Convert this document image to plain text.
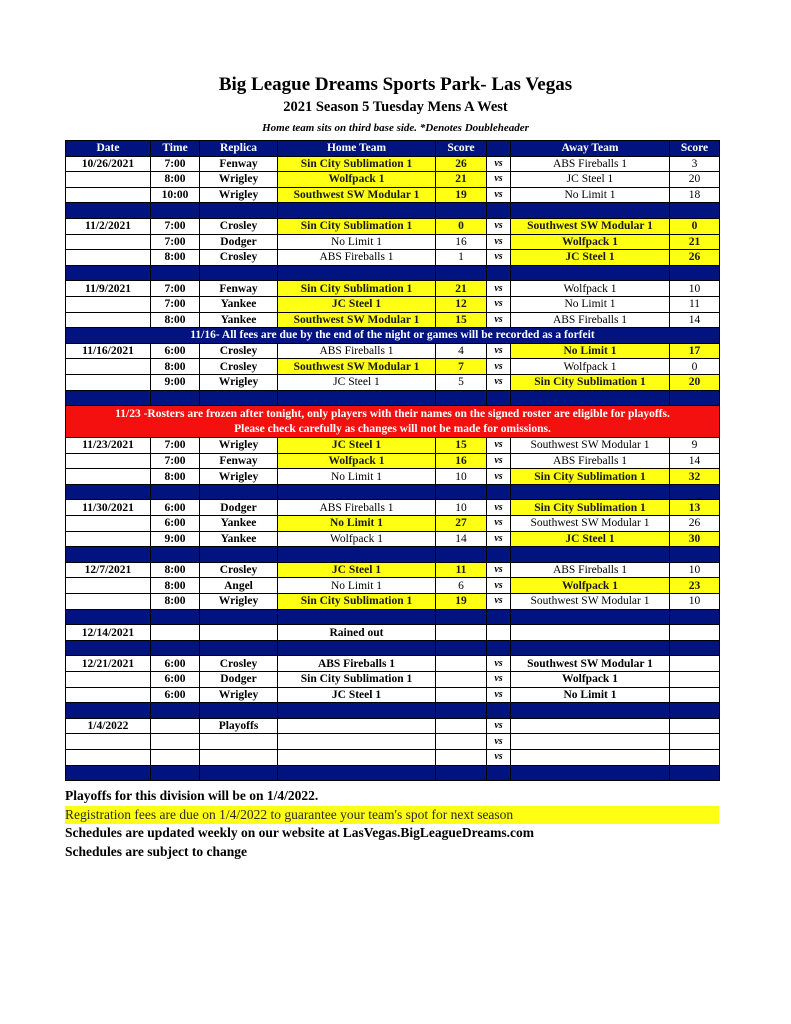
Big League Dreams Sports Park- Las Vegas
2021 Season 5 Tuesday Mens A West
Home team sits on third base side. *Denotes Doubleheader
Date	Time	Replica	Home Team	Score		Away Team	Score
10/26/2021	7:00	Fenway	Sin City Sublimation 1	26	vs	ABS Fireballs 1	3
	8:00	Wrigley	Wolfpack 1	21	vs	JC Steel 1	20
	10:00	Wrigley	Southwest SW Modular 1	19	vs	No Limit 1	18

11/2/2021	7:00	Crosley	Sin City Sublimation 1	0	vs	Southwest SW Modular 1	0
	7:00	Dodger	No Limit 1	16	vs	Wolfpack 1	21
	8:00	Crosley	ABS Fireballs 1	1	vs	JC Steel 1	26

11/9/2021	7:00	Fenway	Sin City Sublimation 1	21	vs	Wolfpack 1	10
	7:00	Yankee	JC Steel 1	12	vs	No Limit 1	11
	8:00	Yankee	Southwest SW Modular 1	15	vs	ABS Fireballs 1	14

11/16- All fees are due by the end of the night or games will be recorded as a forfeit							

11/16/2021	6:00	Crosley	ABS Fireballs 1	4	vs	No Limit 1	17
	8:00	Crosley	Southwest SW Modular 1	7	vs	Wolfpack 1	0
	9:00	Wrigley	JC Steel 1	5	vs	Sin City Sublimation 1	20

11/23 -Rosters are frozen after tonight, only players with their names on the signed roster are eligible for playoffs.
Please check carefully as changes will not be made for omissions.							

11/23/2021	7:00	Wrigley	JC Steel 1	15	vs	Southwest SW Modular 1	9
	7:00	Fenway	Wolfpack 1	16	vs	ABS Fireballs 1	14
	8:00	Wrigley	No Limit 1	10	vs	Sin City Sublimation 1	32

11/30/2021	6:00	Dodger	ABS Fireballs 1	10	vs	Sin City Sublimation 1	13
	6:00	Yankee	No Limit 1	27	vs	Southwest SW Modular 1	26
	9:00	Yankee	Wolfpack 1	14	vs	JC Steel 1	30

12/7/2021	8:00	Crosley	JC Steel 1	11	vs	ABS Fireballs 1	10
	8:00	Angel	No Limit 1	6	vs	Wolfpack 1	23
	8:00	Wrigley	Sin City Sublimation 1	19	vs	Southwest SW Modular 1	10

12/14/2021			Rained out				

12/21/2021	6:00	Crosley	ABS Fireballs 1		vs	Southwest SW Modular 1	
	6:00	Dodger	Sin City Sublimation 1		vs	Wolfpack 1	
	6:00	Wrigley	JC Steel 1		vs	No Limit 1	

1/4/2022		Playoffs			vs		
					vs		
					vs		

Playoffs for this division will be on 1/4/2022.
Registration fees are due on 1/4/2022 to guarantee your team's spot for next season
Schedules are updated weekly on our website at LasVegas.BigLeagueDreams.com
Schedules are subject to change
